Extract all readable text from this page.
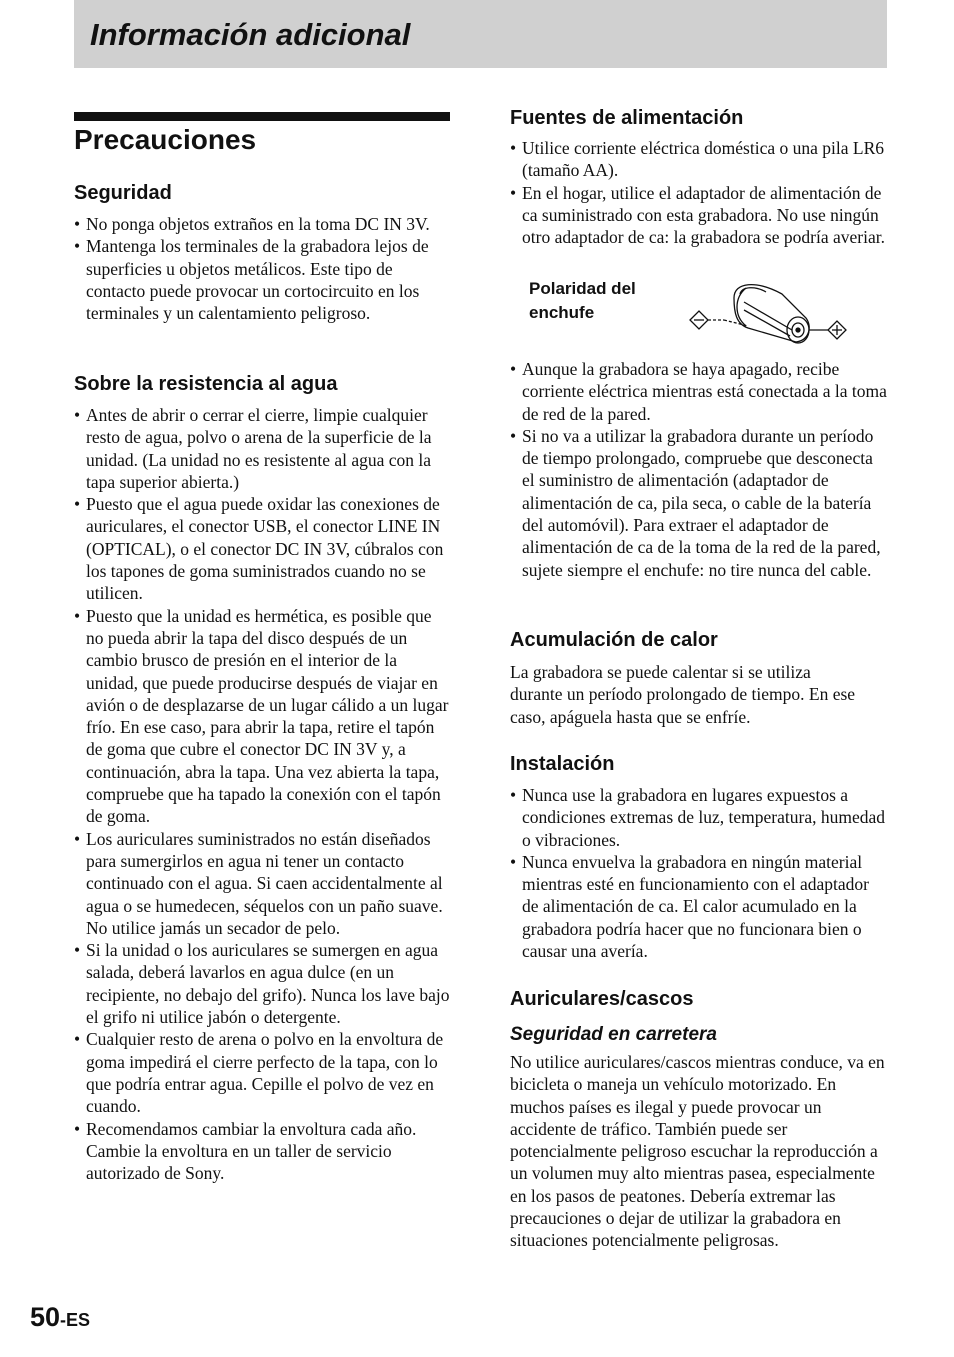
Información adicional
Precauciones
Seguridad
• No ponga objetos extraños en la toma DC IN 3V.
• Mantenga los terminales de la grabadora lejos de superficies u objetos metálicos. Este tipo de contacto puede provocar un cortocircuito en los terminales y un calentamiento peligroso.
Sobre la resistencia al agua
• Antes de abrir o cerrar el cierre, limpie cualquier resto de agua, polvo o arena de la superficie de la unidad. (La unidad no es resistente al agua con la tapa superior abierta.)
• Puesto que el agua puede oxidar las conexiones de auriculares, el conector USB, el conector LINE IN (OPTICAL), o el conector DC IN 3V, cúbralos con los tapones de goma suministrados cuando no se utilicen.
• Puesto que la unidad es hermética, es posible que no pueda abrir la tapa del disco después de un cambio brusco de presión en el interior de la unidad, que puede producirse después de viajar en avión o de desplazarse de un lugar cálido a un lugar frío. En ese caso, para abrir la tapa, retire el tapón de goma que cubre el conector DC IN 3V y, a continuación, abra la tapa. Una vez abierta la tapa, compruebe que ha tapado la conexión con el tapón de goma.
• Los auriculares suministrados no están diseñados para sumergirlos en agua ni tener un contacto continuado con el agua. Si caen accidentalmente al agua o se humedecen, séquelos con un paño suave. No utilice jamás un secador de pelo.
• Si la unidad o los auriculares se sumergen en agua salada, deberá lavarlos en agua dulce (en un recipiente, no debajo del grifo). Nunca los lave bajo el grifo ni utilice jabón o detergente.
• Cualquier resto de arena o polvo en la envoltura de goma impedirá el cierre perfecto de la tapa, con lo que podría entrar agua. Cepille el polvo de vez en cuando.
• Recomendamos cambiar la envoltura cada año. Cambie la envoltura en un taller de servicio autorizado de Sony.
Fuentes de alimentación
• Utilice corriente eléctrica doméstica o una pila LR6 (tamaño AA).
• En el hogar, utilice el adaptador de alimentación de ca suministrado con esta grabadora. No use ningún otro adaptador de ca: la grabadora se podría averiar.
• Aunque la grabadora se haya apagado, recibe corriente eléctrica mientras está conectada a la toma de red de la pared.
• Si no va a utilizar la grabadora durante un período de tiempo prolongado, compruebe que desconecta el suministro de alimentación (adaptador de alimentación de ca, pila seca, o cable de la batería del automóvil). Para extraer el adaptador de alimentación de ca de la toma de la red de la pared, sujete siempre el enchufe: no tire nunca del cable.
Acumulación de calor

La grabadora se puede calentar si se utiliza durante un período prolongado de tiempo. En ese caso, apáguela hasta que se enfríe.

Instalación
• Nunca use la grabadora en lugares expuestos a condiciones extremas de luz, temperatura, humedad o vibraciones.
• Nunca envuelva la grabadora en ningún material mientras esté en funcionamiento con el adaptador de alimentación de ca. El calor acumulado en la grabadora podría hacer que no funcionara bien o causar una avería.
Auriculares/cascos
Seguridad en carretera

No utilice auriculares/cascos mientras conduce, va en bicicleta o maneja un vehículo motorizado. En muchos países es ilegal y puede provocar un accidente de tráfico. También puede ser potencialmente peligroso escuchar la reproducción a un volumen muy alto mientras pasea, especialmente en los pasos de peatones. Debería extremar las precauciones o dejar de utilizar la grabadora en situaciones potencialmente peligrosas.

Polaridad del
enchufe
50-ES
